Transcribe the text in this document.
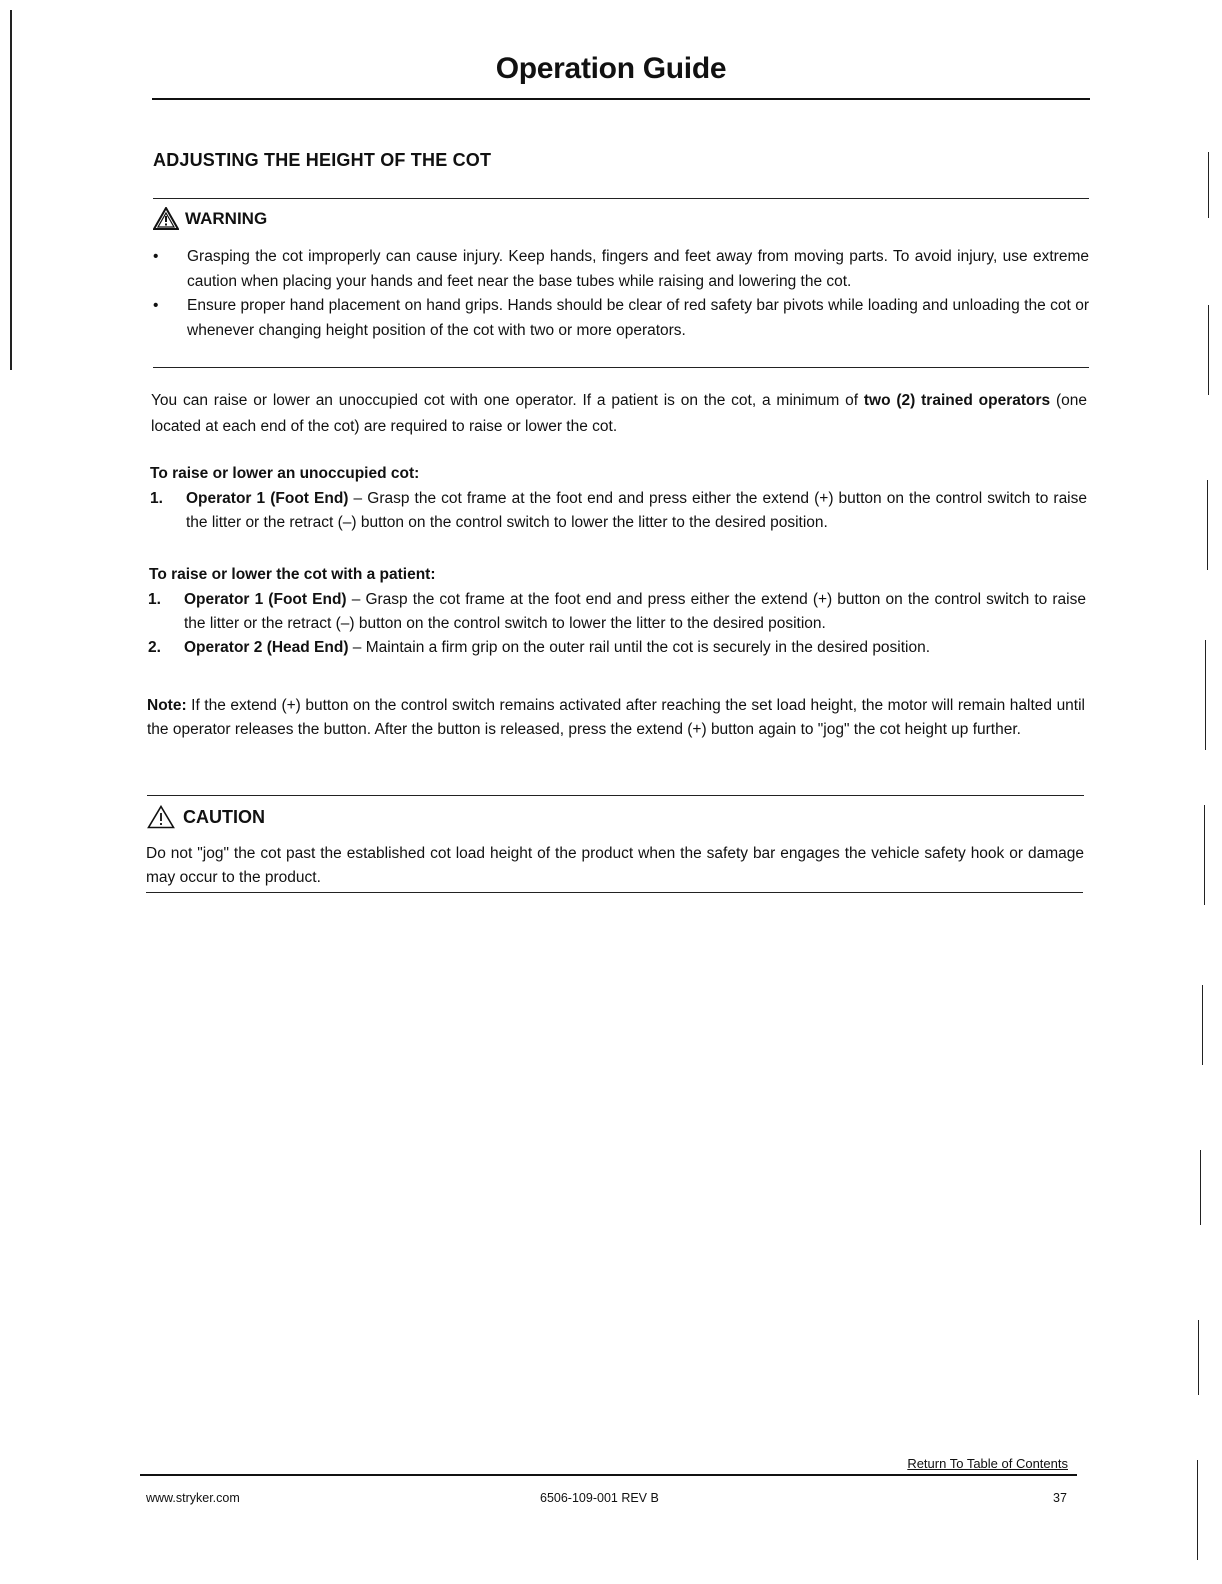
Operation Guide
ADJUSTING THE HEIGHT OF THE COT
WARNING
• Grasping the cot improperly can cause injury. Keep hands, fingers and feet away from moving parts. To avoid injury, use extreme caution when placing your hands and feet near the base tubes while raising and lowering the cot.
• Ensure proper hand placement on hand grips. Hands should be clear of red safety bar pivots while loading and unloading the cot or whenever changing height position of the cot with two or more operators.
You can raise or lower an unoccupied cot with one operator. If a patient is on the cot, a minimum of two (2) trained operators (one located at each end of the cot) are required to raise or lower the cot.
To raise or lower an unoccupied cot:
1. Operator 1 (Foot End) – Grasp the cot frame at the foot end and press either the extend (+) button on the control switch to raise the litter or the retract (–) button on the control switch to lower the litter to the desired position.
To raise or lower the cot with a patient:
1. Operator 1 (Foot End) – Grasp the cot frame at the foot end and press either the extend (+) button on the control switch to raise the litter or the retract (–) button on the control switch to lower the litter to the desired position.
2. Operator 2 (Head End) – Maintain a firm grip on the outer rail until the cot is securely in the desired position.
Note: If the extend (+) button on the control switch remains activated after reaching the set load height, the motor will remain halted until the operator releases the button. After the button is released, press the extend (+) button again to "jog" the cot height up further.
CAUTION
Do not "jog" the cot past the established cot load height of the product when the safety bar engages the vehicle safety hook or damage may occur to the product.
Return To Table of Contents
www.stryker.com	6506-109-001 REV B	37
